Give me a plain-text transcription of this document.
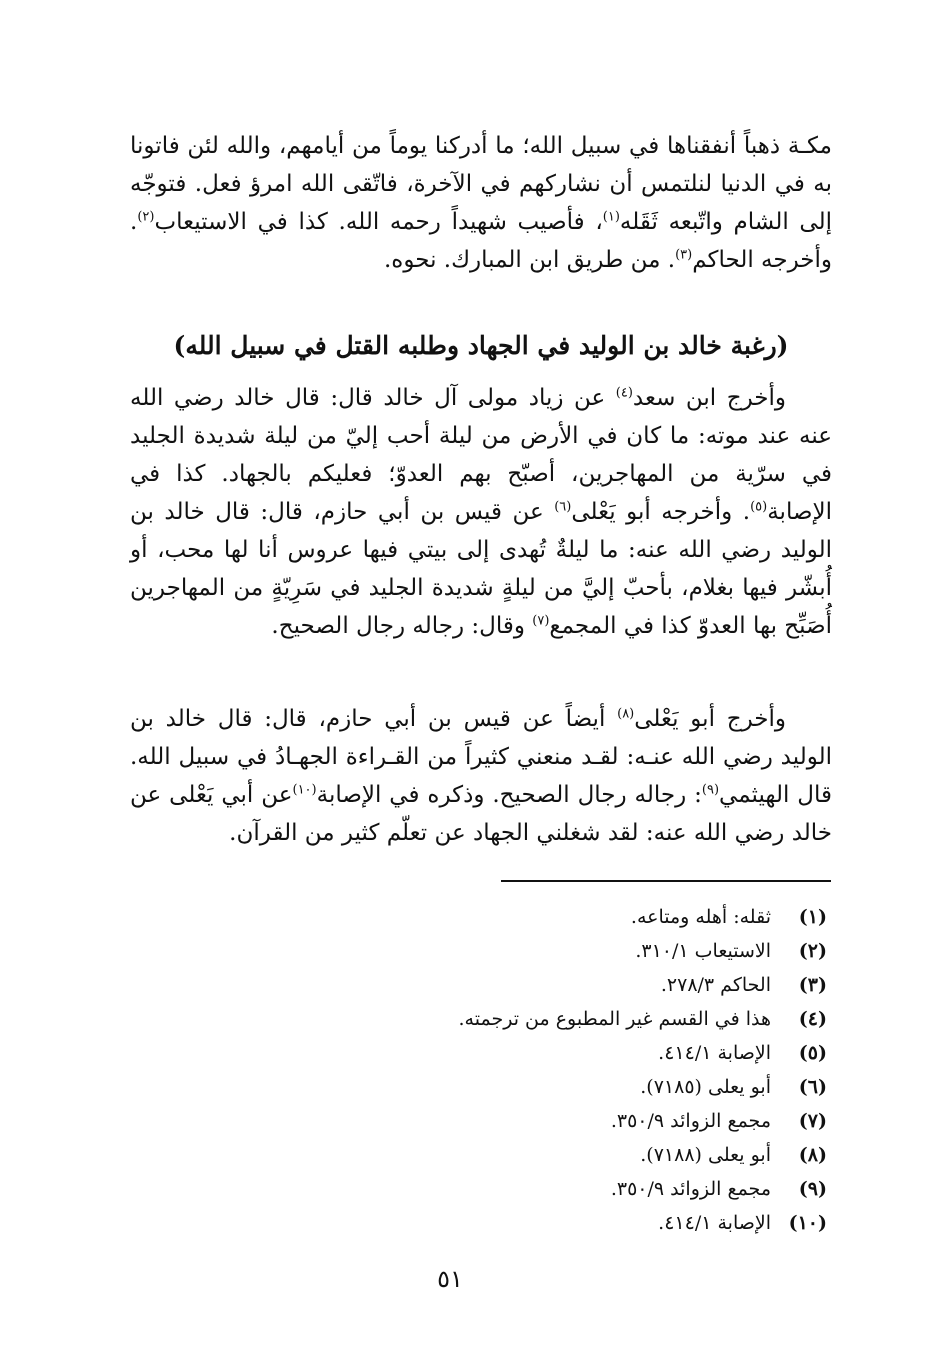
مكـة ذهباً أنفقناها في سبيل الله؛ ما أدركنا يوماً من أيامهم، والله لئن فاتونا به في الدنيا لنلتمس أن نشاركهم في الآخرة، فاتّقى الله امرؤ فعل. فتوجّه إلى الشام واتّبعه ثَقَله$^{(١)}$، فأصيب شهيداً رحمه الله. كذا في الاستيعاب$^{(٢)}$. وأخرجه الحاكم$^{(٣)}$. من طريق ابن المبارك. نحوه.

(رغبة خالد بن الوليد في الجهاد وطلبه القتل في سبيل الله)

وأخرج ابن سعد$^{(٤)}$ عن زياد مولى آل خالد قال: قال خالد رضي الله عنه عند موته: ما كان في الأرض من ليلة أحب إليّ من ليلة شديدة الجليد في سرّية من المهاجرين، أصبّح بهم العدوّ؛ فعليكم بالجهاد. كذا في الإصابة$^{(٥)}$. وأخرجه أبو يَعْلى$^{(٦)}$ عن قيس بن أبي حازم، قال: قال خالد بن الوليد رضي الله عنه: ما ليلةٌ تُهدى إلى بيتي فيها عروس أنا لها محب، أو أُبشّر فيها بغلام، بأحبّ إليَّ من ليلةٍ شديدة الجليد في سَرِيّةٍ من المهاجرين أُصَبِّح بها العدوّ كذا في المجمع$^{(٧)}$ وقال: رجاله رجال الصحيح.

وأخرج أبو يَعْلى$^{(٨)}$ أيضاً عن قيس بن أبي حازم، قال: قال خالد بن الوليد رضي الله عنـه: لقـد منعني كثيراً من القـراءة الجهـادُ في سبيل الله. قال الهيثمي$^{(٩)}$: رجاله رجال الصحيح. وذكره في الإصابة$^{(١٠)}$عن أبي يَعْلى عن خالد رضي الله عنه: لقد شغلني الجهاد عن تعلّم كثير من القرآن.

(١)
ثقله: أهله ومتاعه.
(٢)
الاستيعاب ٣١٠/١.
(٣)
الحاكم ٢٧٨/٣.
(٤)
هذا في القسم غير المطبوع من ترجمته.
(٥)
الإصابة ٤١٤/١.
(٦)
أبو يعلى (٧١٨٥).
(٧)
مجمع الزوائد ٣٥٠/٩.
(٨)
أبو يعلى (٧١٨٨).
(٩)
مجمع الزوائد ٣٥٠/٩.
(١٠)
الإصابة ٤١٤/١.
٥١
